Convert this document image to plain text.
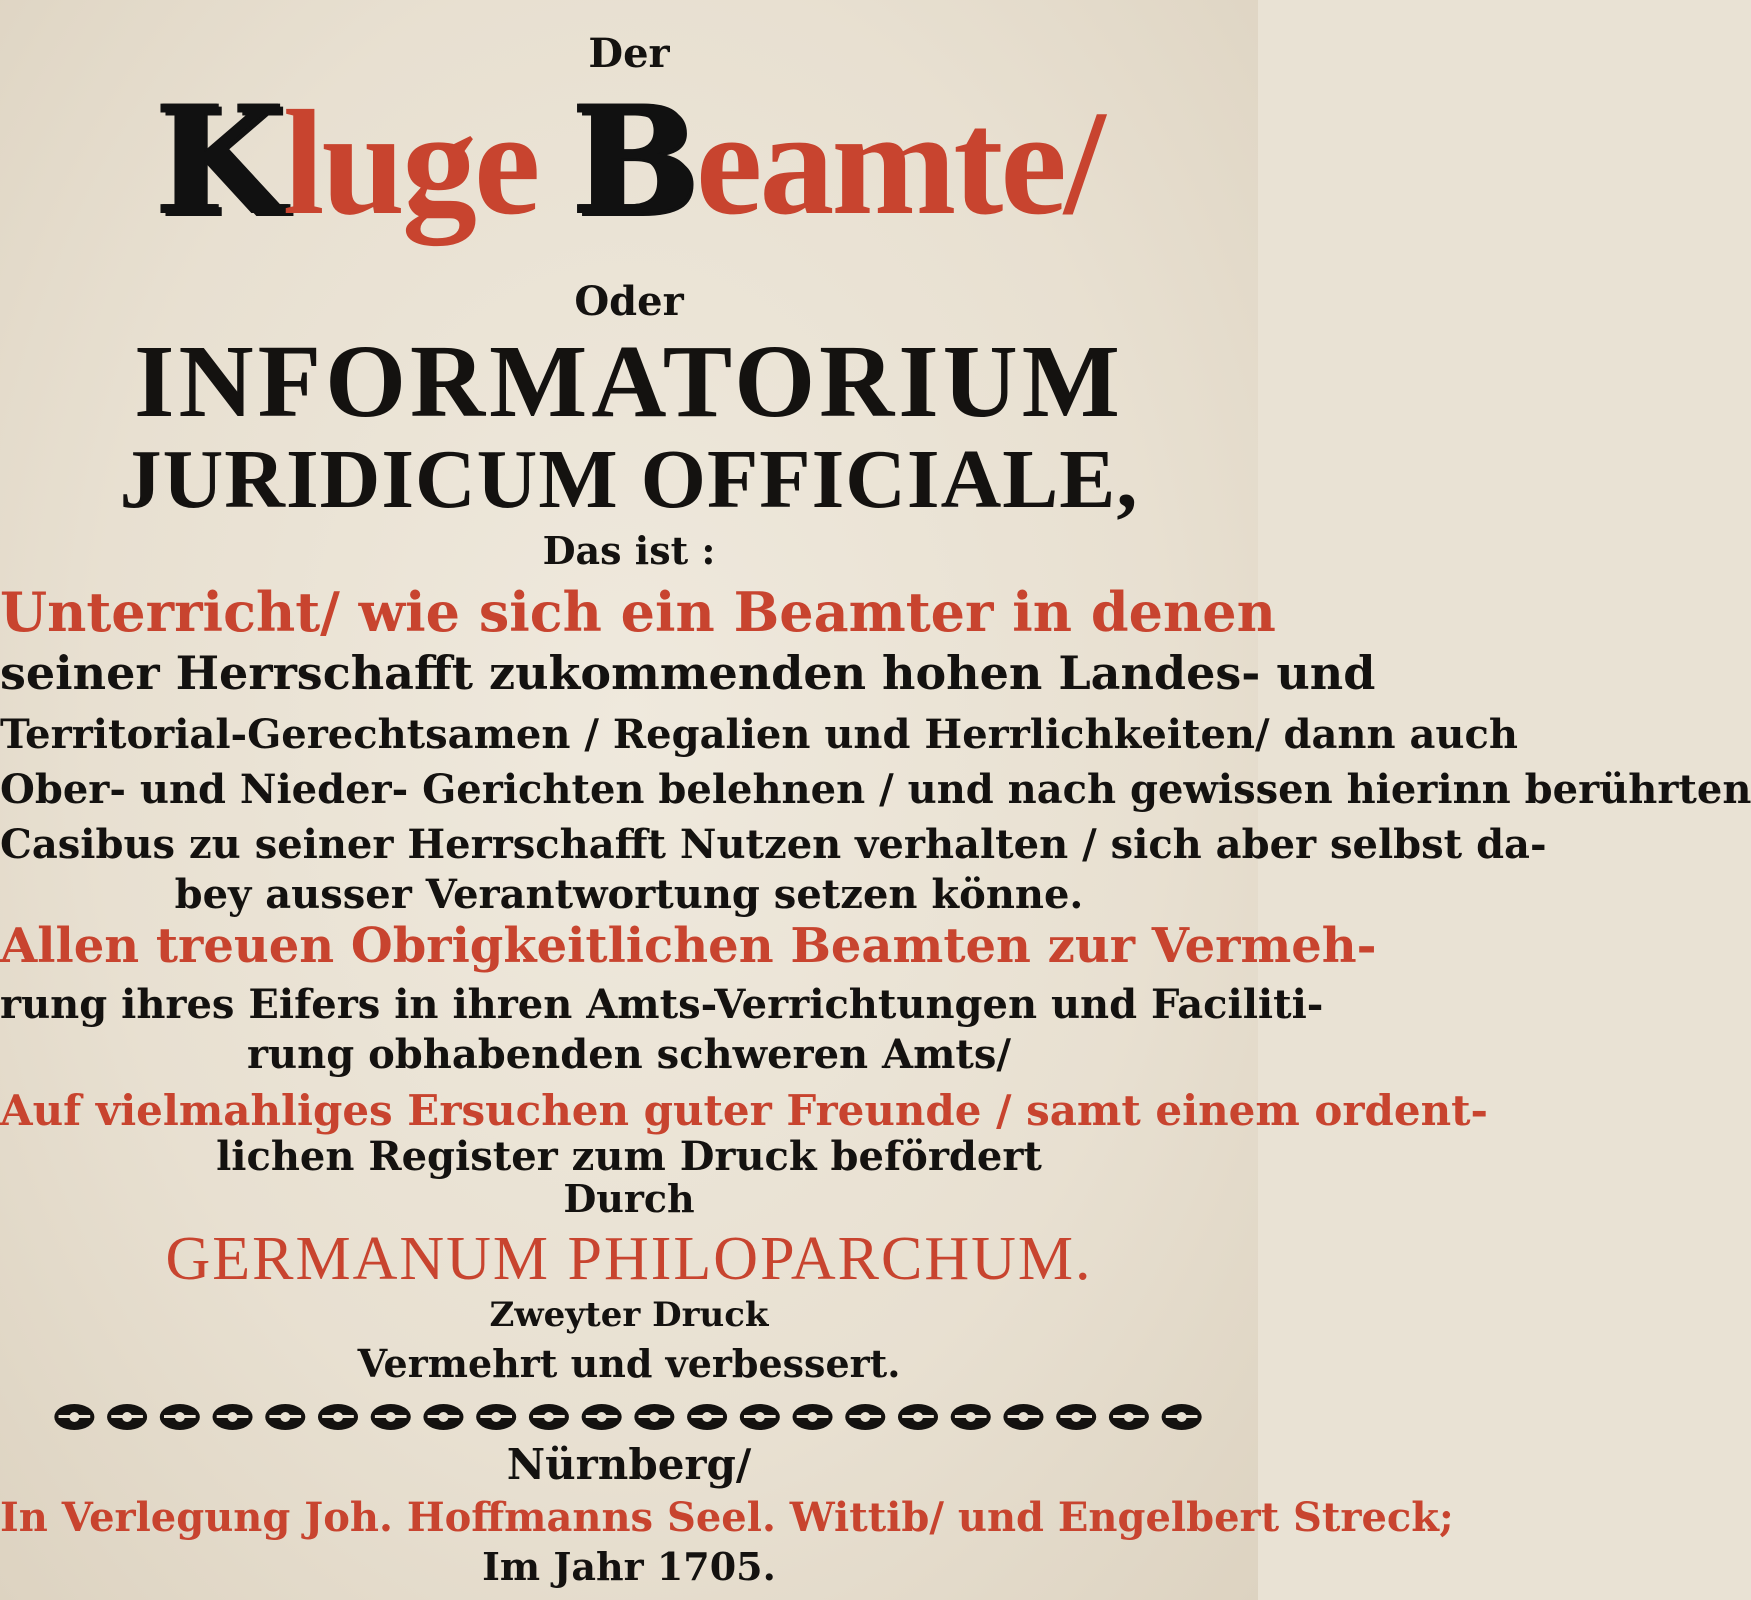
Der
Kluge Beamte/
Oder
INFORMATORIUM
JURIDICUM OFFICIALE,
Das ist :
Unterricht/ wie sich ein Beamter in denen
seiner Herrschafft zukommenden hohen Landes- und
Territorial-Gerechtsamen / Regalien und Herrlichkeiten/ dann auch
Ober- und Nieder- Gerichten belehnen / und nach gewissen hierinn berührten
Casibus zu seiner Herrschafft Nutzen verhalten / sich aber selbst da-
bey ausser Verantwortung setzen könne.
Allen treuen Obrigkeitlichen Beamten zur Vermeh-
rung ihres Eifers in ihren Amts-Verrichtungen und Faciliti-
rung obhabenden schweren Amts/
Auf vielmahliges Ersuchen guter Freunde / samt einem ordent-
lichen Register zum Druck befördert
Durch
GERMANUM PHILOPARCHUM.
Zweyter Druck
Vermehrt und verbessert.
Nürnberg/
In Verlegung Joh. Hoffmanns Seel. Wittib/ und Engelbert Streck;
Im Jahr 1705.
